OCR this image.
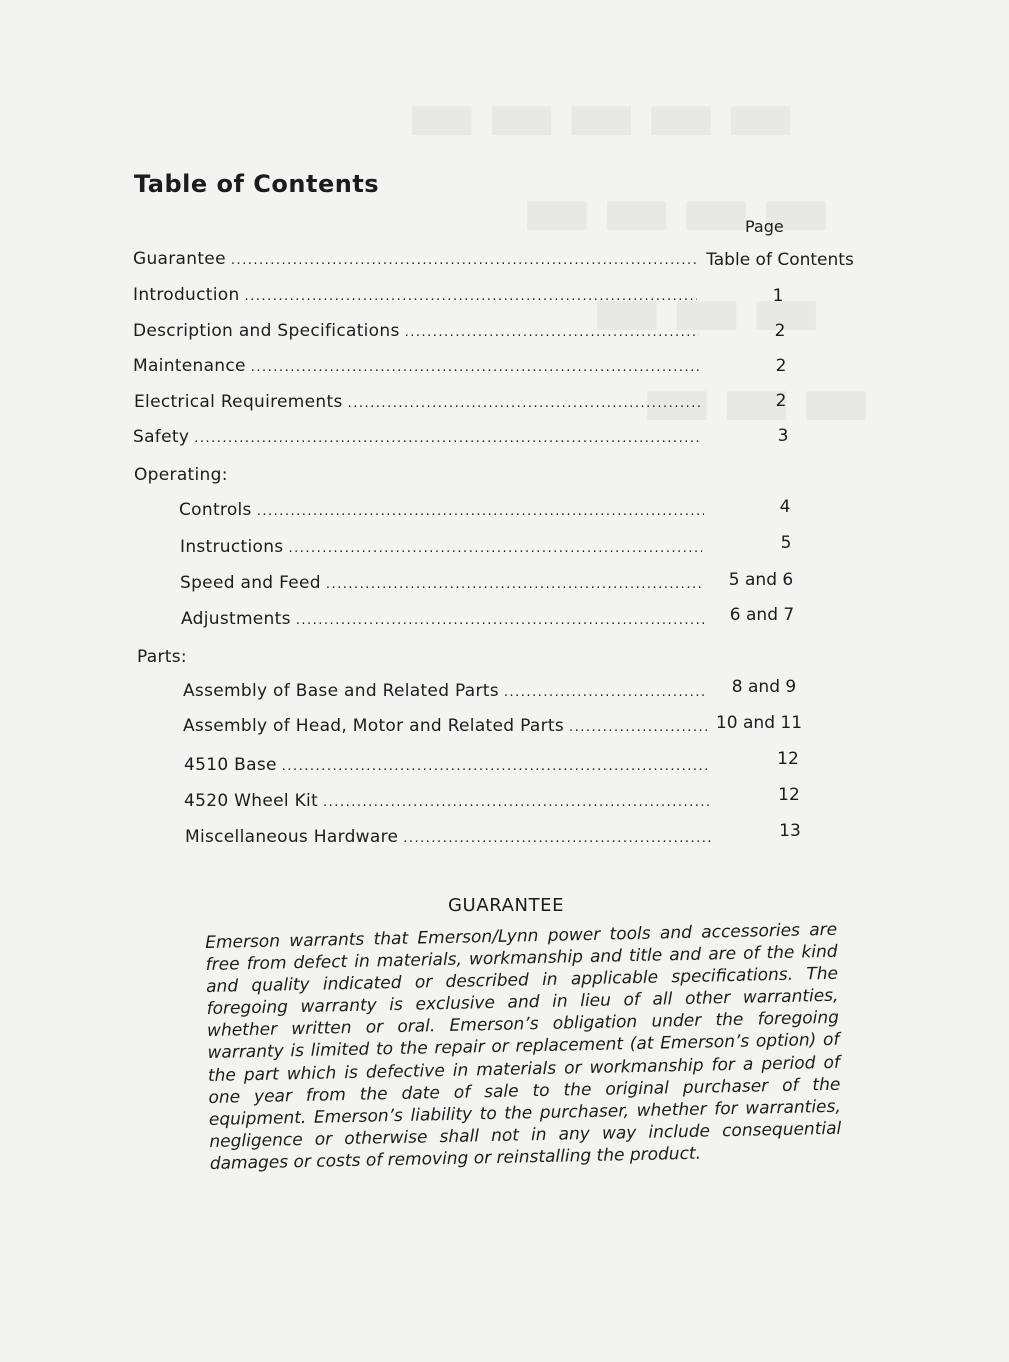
Table of Contents
Page
Guarantee .....	Table of Contents
Introduction .....	1
Description and Specifications .....	2
Maintenance .....	2
Electrical Requirements .....	2
Safety .....	3
Operating:
Controls .....	4
Instructions .....	5
Speed and Feed .....	5 and 6
Adjustments .....	6 and 7
Parts:
Assembly of Base and Related Parts .....	8 and 9
Assembly of Head, Motor and Related Parts .....	10 and 11
4510 Base .....	12
4520 Wheel Kit .....	12
Miscellaneous Hardware .....	13
GUARANTEE

Emerson warrants that Emerson/Lynn power tools and accessories are free from defect in materials, workmanship and title and are of the kind and quality indicated or described in applicable specifications. The foregoing warranty is exclusive and in lieu of all other warranties, whether written or oral. Emerson’s obligation under the foregoing warranty is limited to the repair or replacement (at Emerson’s option) of the part which is defective in materials or workmanship for a period of one year from the date of sale to the original purchaser of the equipment. Emerson’s liability to the purchaser, whether for warranties, negligence or otherwise shall not in any way include consequential damages or costs of removing or reinstalling the product.
